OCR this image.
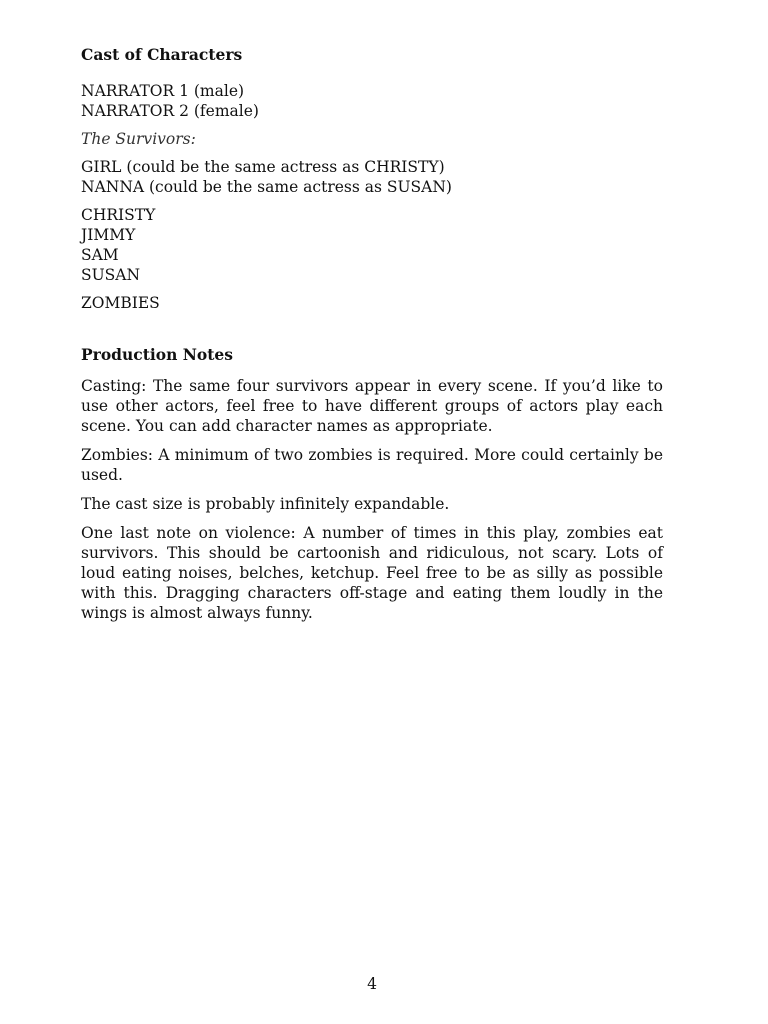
Cast of Characters
NARRATOR 1 (male)
NARRATOR 2 (female)
The Survivors:
GIRL (could be the same actress as CHRISTY)
NANNA (could be the same actress as SUSAN)
CHRISTY
JIMMY
SAM
SUSAN
ZOMBIES
Production Notes

Casting: The same four survivors appear in every scene. If you’d like to use other actors, feel free to have different groups of actors play each scene. You can add character names as appropriate.

Zombies: A minimum of two zombies is required. More could certainly be used.

The cast size is probably infinitely expandable.

One last note on violence: A number of times in this play, zombies eat survivors. This should be cartoonish and ridiculous, not scary. Lots of loud eating noises, belches, ketchup. Feel free to be as silly as possible with this. Dragging characters off-stage and eating them loudly in the wings is almost always funny.

4
